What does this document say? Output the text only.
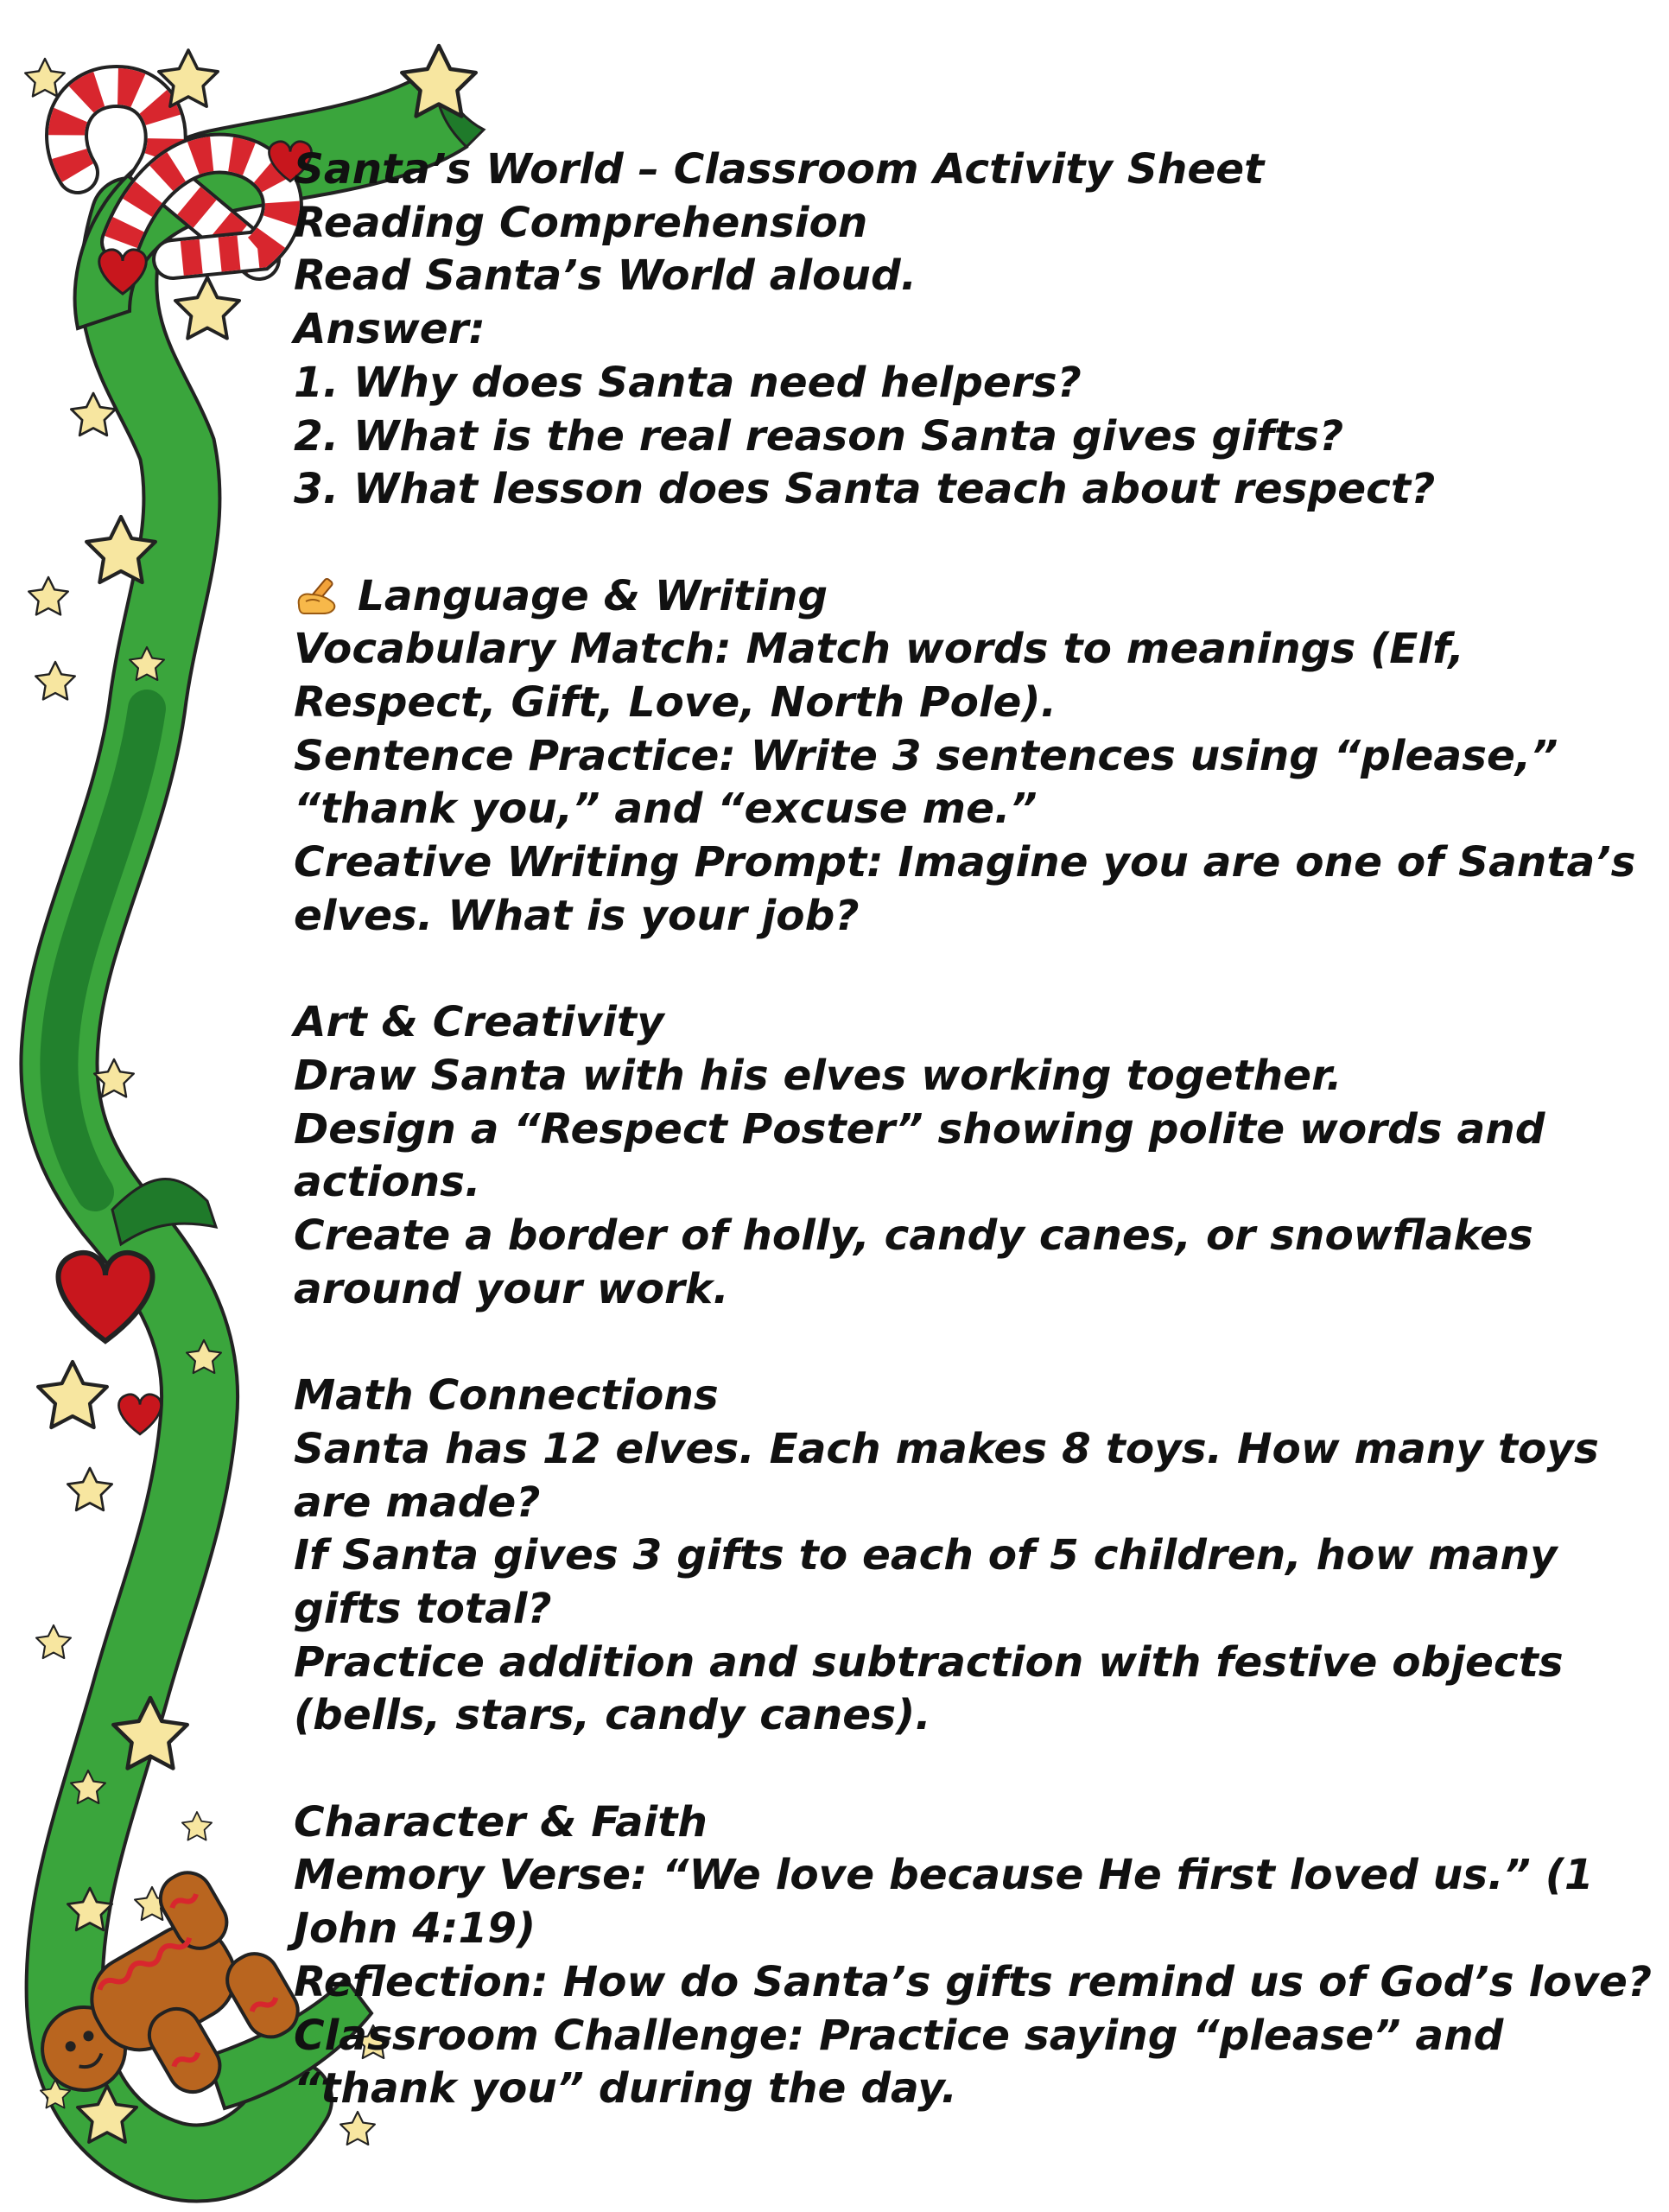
Santa’s World – Classroom Activity Sheet
Reading Comprehension
Read Santa’s World aloud.
Answer:
1. Why does Santa need helpers?
2. What is the real reason Santa gives gifts?
3. What lesson does Santa teach about respect?
Language & Writing
Vocabulary Match: Match words to meanings (Elf,
Respect, Gift, Love, North Pole).
Sentence Practice: Write 3 sentences using “please,”
“thank you,” and “excuse me.”
Creative Writing Prompt: Imagine you are one of Santa’s
elves. What is your job?
Art & Creativity
Draw Santa with his elves working together.
Design a “Respect Poster” showing polite words and
actions.
Create a border of holly, candy canes, or snowflakes
around your work.
Math Connections
Santa has 12 elves. Each makes 8 toys. How many toys
are made?
If Santa gives 3 gifts to each of 5 children, how many
gifts total?
Practice addition and subtraction with festive objects
(bells, stars, candy canes).
Character & Faith
Memory Verse: “We love because He first loved us.” (1
John 4:19)
Reflection: How do Santa’s gifts remind us of God’s love?
Classroom Challenge: Practice saying “please” and
“thank you” during the day.
